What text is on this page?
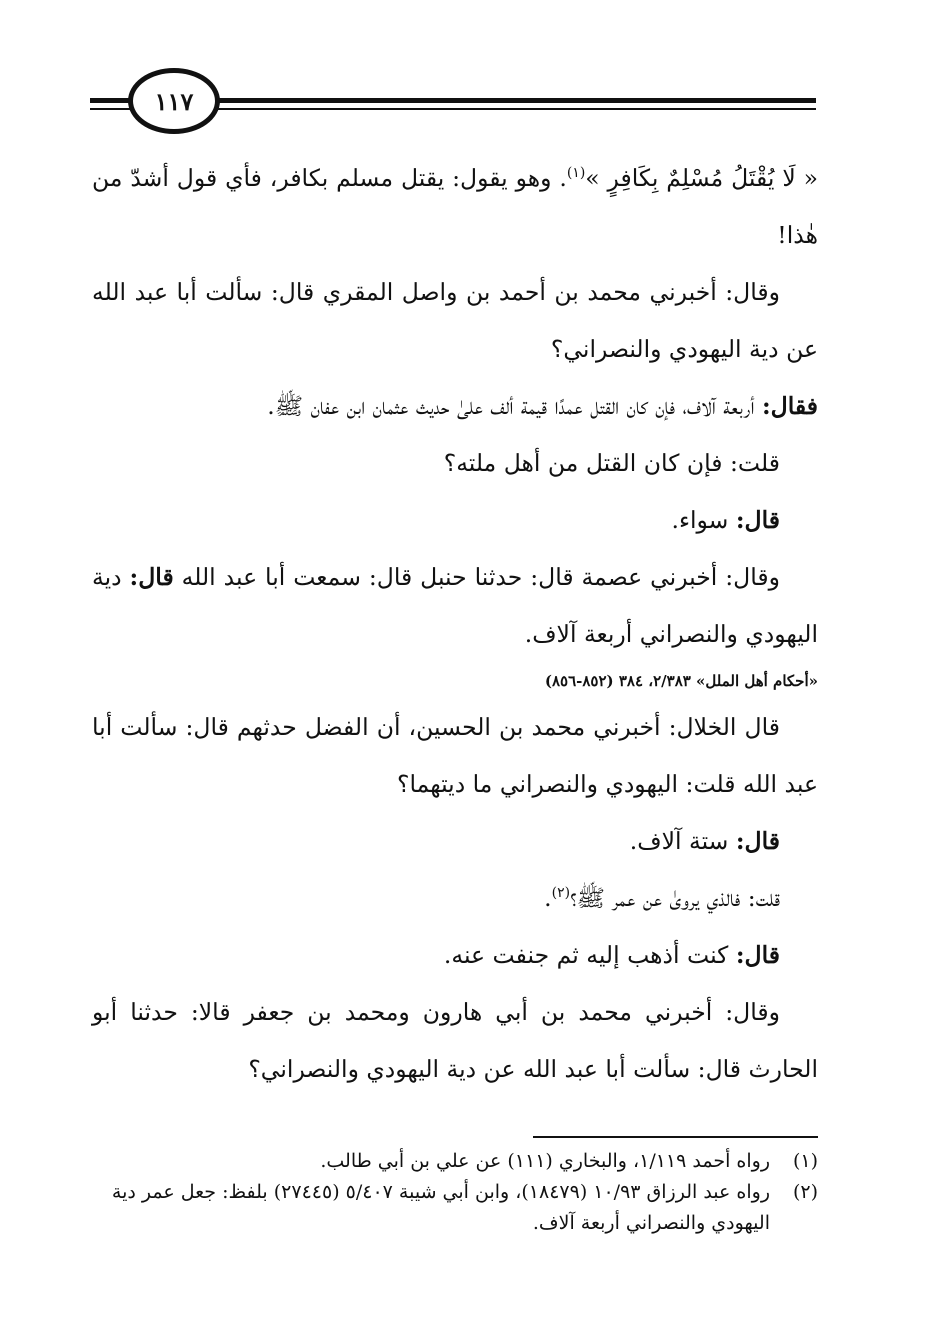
١١٧

« لَا يُقْتَلُ مُسْلِمٌ بِكَافِرٍ »$^{(١)}$. وهو يقول: يقتل مسلم بكافر، فأي قول أشدّ من هٰذا!

وقال: أخبرني محمد بن أحمد بن واصل المقري قال: سألت أبا عبد الله عن دية اليهودي والنصراني؟

فقال: أربعة آلاف، فإن كان القتل عمدًا قيمة ألف علىٰ حديث عثمان ابن عفان ﷺ.

قلت: فإن كان القتل من أهل ملته؟

قال: سواء.

وقال: أخبرني عصمة قال: حدثنا حنبل قال: سمعت أبا عبد الله قال: دية اليهودي والنصراني أربعة آلاف.

«أحكام أهل الملل» ٢/٣٨٣، ٣٨٤ (٨٥٢-٨٥٦)

قال الخلال: أخبرني محمد بن الحسين، أن الفضل حدثهم قال: سألت أبا عبد الله قلت: اليهودي والنصراني ما ديتهما؟

قال: ستة آلاف.

قلت: فالذي يروىٰ عن عمر ﷺ؟$^{(٢)}$.

قال: كنت أذهب إليه ثم جنفت عنه.

وقال: أخبرني محمد بن أبي هارون ومحمد بن جعفر قالا: حدثنا أبو الحارث قال: سألت أبا عبد الله عن دية اليهودي والنصراني؟

(١)
رواه أحمد ١/١١٩، والبخاري (١١١) عن علي بن أبي طالب.
(٢)
رواه عبد الرزاق ١٠/٩٣ (١٨٤٧٩)، وابن أبي شيبة ٥/٤٠٧ (٢٧٤٤٥) بلفظ: جعل عمر دية اليهودي والنصراني أربعة آلاف.
